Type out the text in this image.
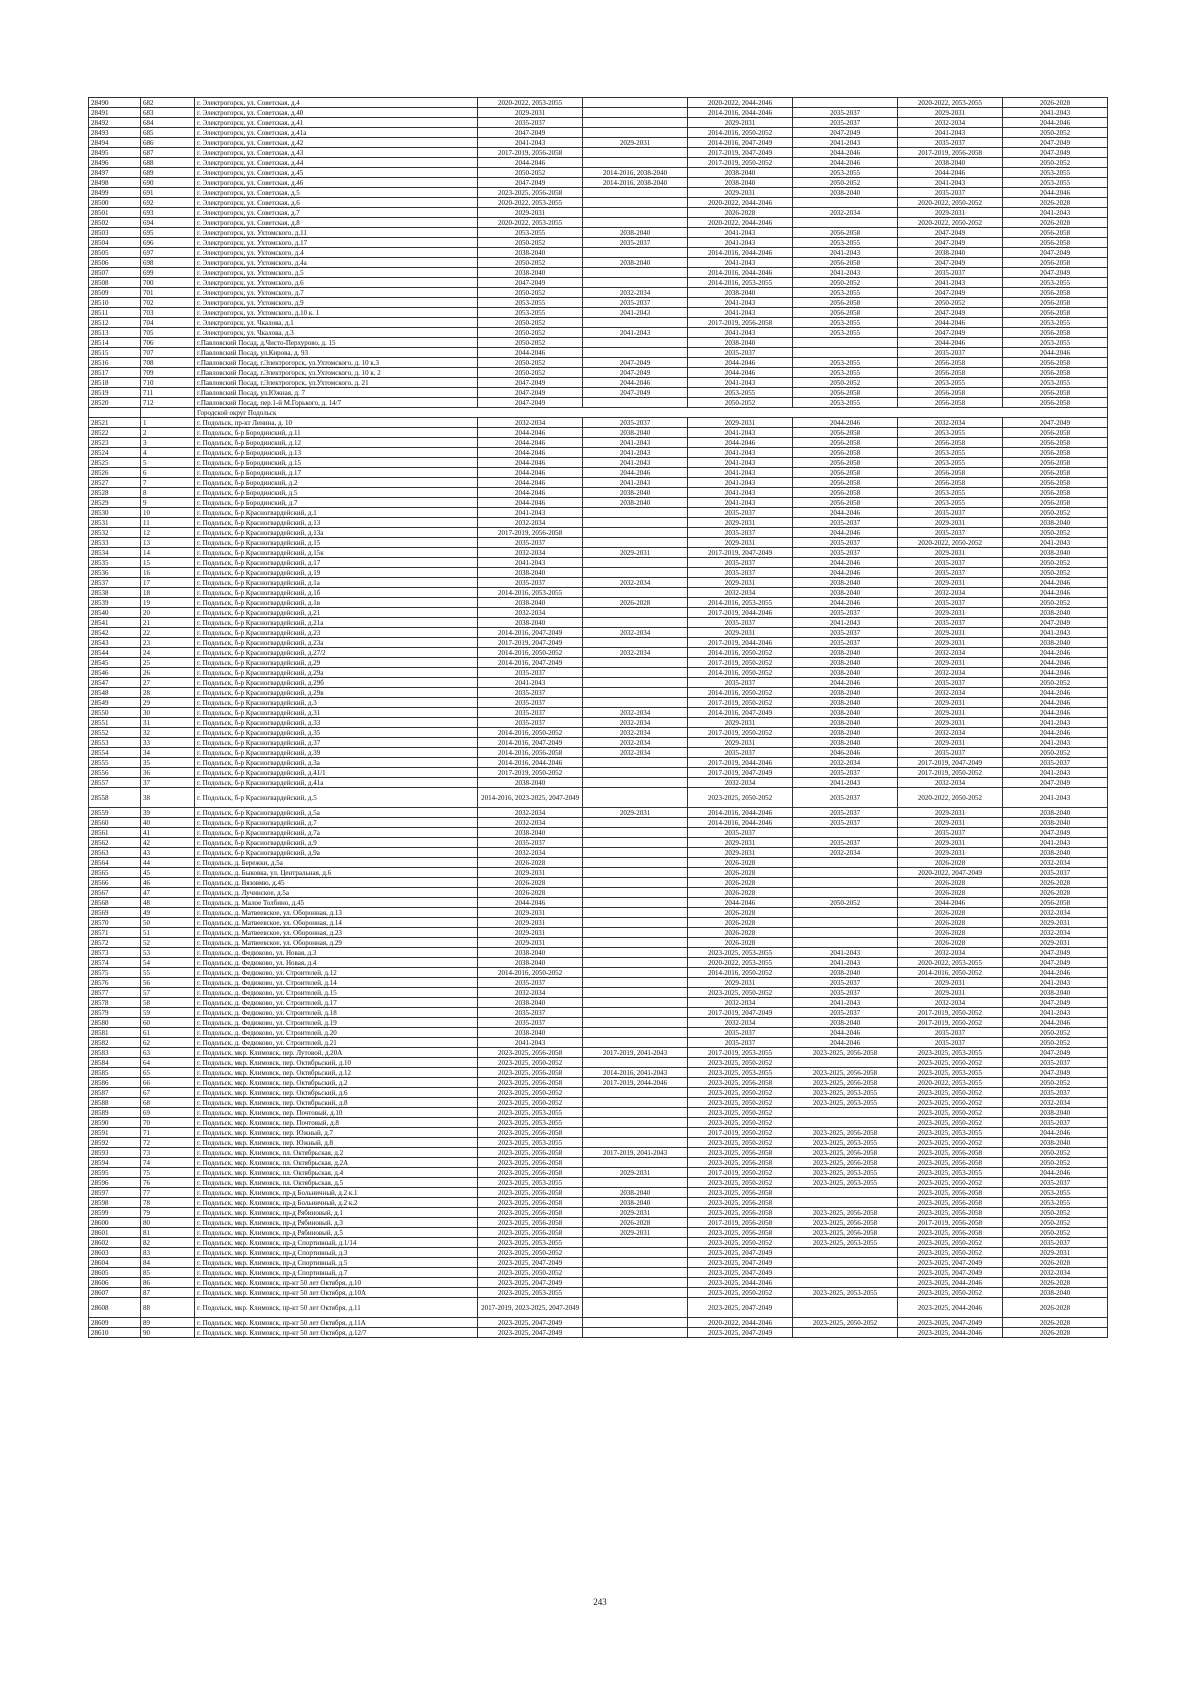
28490	682	г. Электрогорск, ул. Советская, д.4	2020-2022, 2053-2055		2020-2022, 2044-2046		2020-2022, 2053-2055	2026-2028
28491	683	г. Электрогорск, ул. Советская, д.40	2029-2031		2014-2016, 2044-2046	2035-2037	2029-2031	2041-2043
28492	684	г. Электрогорск, ул. Советская, д.41	2035-2037		2029-2031	2035-2037	2032-2034	2044-2046
28493	685	г. Электрогорск, ул. Советская, д.41а	2047-2049		2014-2016, 2050-2052	2047-2049	2041-2043	2050-2052
28494	686	г. Электрогорск, ул. Советская, д.42	2041-2043	2029-2031	2014-2016, 2047-2049	2041-2043	2035-2037	2047-2049
28495	687	г. Электрогорск, ул. Советская, д.43	2017-2019, 2056-2058		2017-2019, 2047-2049	2044-2046	2017-2019, 2056-2058	2047-2049
28496	688	г. Электрогорск, ул. Советская, д.44	2044-2046		2017-2019, 2050-2052	2044-2046	2038-2040	2050-2052
28497	689	г. Электрогорск, ул. Советская, д.45	2050-2052	2014-2016, 2038-2040	2038-2040	2053-2055	2044-2046	2053-2055
28498	690	г. Электрогорск, ул. Советская, д.46	2047-2049	2014-2016, 2038-2040	2038-2040	2050-2052	2041-2043	2053-2055
28499	691	г. Электрогорск, ул. Советская, д.5	2023-2025, 2056-2058		2029-2031	2038-2040	2035-2037	2044-2046
28500	692	г. Электрогорск, ул. Советская, д.6	2020-2022, 2053-2055		2020-2022, 2044-2046		2020-2022, 2050-2052	2026-2028
28501	693	г. Электрогорск, ул. Советская, д.7	2029-2031		2026-2028	2032-2034	2029-2031	2041-2043
28502	694	г. Электрогорск, ул. Советская, д.8	2020-2022, 2053-2055		2020-2022, 2044-2046		2020-2022, 2050-2052	2026-2028
28503	695	г. Электрогорск, ул. Ухтомского, д.11	2053-2055	2038-2040	2041-2043	2056-2058	2047-2049	2056-2058
28504	696	г. Электрогорск, ул. Ухтомского, д.17	2050-2052	2035-2037	2041-2043	2053-2055	2047-2049	2056-2058
28505	697	г. Электрогорск, ул. Ухтомского, д.4	2038-2040		2014-2016, 2044-2046	2041-2043	2038-2040	2047-2049
28506	698	г. Электрогорск, ул. Ухтомского, д.4а	2050-2052	2038-2040	2041-2043	2056-2058	2047-2049	2056-2058
28507	699	г. Электрогорск, ул. Ухтомского, д.5	2038-2040		2014-2016, 2044-2046	2041-2043	2035-2037	2047-2049
28508	700	г. Электрогорск, ул. Ухтомского, д.6	2047-2049		2014-2016, 2053-2055	2050-2052	2041-2043	2053-2055
28509	701	г. Электрогорск, ул. Ухтомского, д.7	2050-2052	2032-2034	2038-2040	2053-2055	2047-2049	2056-2058
28510	702	г. Электрогорск, ул. Ухтомского, д.9	2053-2055	2035-2037	2041-2043	2056-2058	2050-2052	2056-2058
28511	703	г. Электрогорск, ул. Ухтомского, д.10 к. 1	2053-2055	2041-2043	2041-2043	2056-2058	2047-2049	2056-2058
28512	704	г. Электрогорск, ул. Чкалова, д.1	2050-2052		2017-2019, 2056-2058	2053-2055	2044-2046	2053-2055
28513	705	г. Электрогорск, ул. Чкалова, д.3	2050-2052	2041-2043	2041-2043	2053-2055	2047-2049	2056-2058
28514	706	г.Павловский Посад, д.Чисто-Перхурово, д. 15	2050-2052		2038-2040		2044-2046	2053-2055
28515	707	г.Павловский Посад, ул.Кирова, д. 93	2044-2046		2035-2037		2035-2037	2044-2046
28516	708	г.Павловский Посад, г.Электрогорск, ул.Ухтомского, д. 10 к.3	2050-2052	2047-2049	2044-2046	2053-2055	2056-2058	2056-2058
28517	709	г.Павловский Посад, г.Электрогорск, ул.Ухтомского, д. 10 к. 2	2050-2052	2047-2049	2044-2046	2053-2055	2056-2058	2056-2058
28518	710	г.Павловский Посад, г.Электрогорск, ул.Ухтомского, д. 21	2047-2049	2044-2046	2041-2043	2050-2052	2053-2055	2053-2055
28519	711	г.Павловский Посад, ул.Южная, д. 7	2047-2049	2047-2049	2053-2055	2056-2058	2056-2058	2056-2058
28520	712	г.Павловский Посад, пер.1-й М.Горького, д. 14/7	2047-2049		2050-2052	2053-2055	2056-2058	2056-2058
		Городской округ Подольск						
28521	1	г. Подольск, пр-кт Ленина, д. 10	2032-2034	2035-2037	2029-2031	2044-2046	2032-2034	2047-2049
28522	2	г. Подольск, б-р Бородинский, д.11	2044-2046	2038-2040	2041-2043	2056-2058	2053-2055	2056-2058
28523	3	г. Подольск, б-р Бородинский, д.12	2044-2046	2041-2043	2044-2046	2056-2058	2056-2058	2056-2058
28524	4	г. Подольск, б-р Бородинский, д.13	2044-2046	2041-2043	2041-2043	2056-2058	2053-2055	2056-2058
28525	5	г. Подольск, б-р Бородинский, д.15	2044-2046	2041-2043	2041-2043	2056-2058	2053-2055	2056-2058
28526	6	г. Подольск, б-р Бородинский, д.17	2044-2046	2044-2046	2041-2043	2056-2058	2056-2058	2056-2058
28527	7	г. Подольск, б-р Бородинский, д.2	2044-2046	2041-2043	2041-2043	2056-2058	2056-2058	2056-2058
28528	8	г. Подольск, б-р Бородинский, д.5	2044-2046	2038-2040	2041-2043	2056-2058	2053-2055	2056-2058
28529	9	г. Подольск, б-р Бородинский, д.7	2044-2046	2038-2040	2041-2043	2056-2058	2053-2055	2056-2058
28530	10	г. Подольск, б-р Красногвардейский, д.1	2041-2043		2035-2037	2044-2046	2035-2037	2050-2052
28531	11	г. Подольск, б-р Красногвардейский, д.13	2032-2034		2029-2031	2035-2037	2029-2031	2038-2040
28532	12	г. Подольск, б-р Красногвардейский, д.13а	2017-2019, 2056-2058		2035-2037	2044-2046	2035-2037	2050-2052
28533	13	г. Подольск, б-р Красногвардейский, д.15	2035-2037		2029-2031	2035-2037	2020-2022, 2050-2052	2041-2043
28534	14	г. Подольск, б-р Красногвардейский, д.15к	2032-2034	2029-2031	2017-2019, 2047-2049	2035-2037	2029-2031	2038-2040
28535	15	г. Подольск, б-р Красногвардейский, д.17	2041-2043		2035-2037	2044-2046	2035-2037	2050-2052
28536	16	г. Подольск, б-р Красногвардейский, д.19	2038-2040		2035-2037	2044-2046	2035-2037	2050-2052
28537	17	г. Подольск, б-р Красногвардейский, д.1а	2035-2037	2032-2034	2029-2031	2038-2040	2029-2031	2044-2046
28538	18	г. Подольск, б-р Красногвардейский, д.1б	2014-2016, 2053-2055		2032-2034	2038-2040	2032-2034	2044-2046
28539	19	г. Подольск, б-р Красногвардейский, д.1в	2038-2040	2026-2028	2014-2016, 2053-2055	2044-2046	2035-2037	2050-2052
28540	20	г. Подольск, б-р Красногвардейский, д.21	2032-2034		2017-2019, 2044-2046	2035-2037	2029-2031	2038-2040
28541	21	г. Подольск, б-р Красногвардейский, д.21а	2038-2040		2035-2037	2041-2043	2035-2037	2047-2049
28542	22	г. Подольск, б-р Красногвардейский, д.23	2014-2016, 2047-2049	2032-2034	2029-2031	2035-2037	2029-2031	2041-2043
28543	23	г. Подольск, б-р Красногвардейский, д.23а	2017-2019, 2047-2049		2017-2019, 2044-2046	2035-2037	2029-2031	2038-2040
28544	24	г. Подольск, б-р Красногвардейский, д.27/2	2014-2016, 2050-2052	2032-2034	2014-2016, 2050-2052	2038-2040	2032-2034	2044-2046
28545	25	г. Подольск, б-р Красногвардейский, д.29	2014-2016, 2047-2049		2017-2019, 2050-2052	2038-2040	2029-2031	2044-2046
28546	26	г. Подольск, б-р Красногвардейский, д.29а	2035-2037		2014-2016, 2050-2052	2038-2040	2032-2034	2044-2046
28547	27	г. Подольск, б-р Красногвардейский, д.29б	2041-2043		2035-2037	2044-2046	2035-2037	2050-2052
28548	28	г. Подольск, б-р Красногвардейский, д.29в	2035-2037		2014-2016, 2050-2052	2038-2040	2032-2034	2044-2046
28549	29	г. Подольск, б-р Красногвардейский, д.3	2035-2037		2017-2019, 2050-2052	2038-2040	2029-2031	2044-2046
28550	30	г. Подольск, б-р Красногвардейский, д.31	2035-2037	2032-2034	2014-2016, 2047-2049	2038-2040	2029-2031	2044-2046
28551	31	г. Подольск, б-р Красногвардейский, д.33	2035-2037	2032-2034	2029-2031	2038-2040	2029-2031	2041-2043
28552	32	г. Подольск, б-р Красногвардейский, д.35	2014-2016, 2050-2052	2032-2034	2017-2019, 2050-2052	2038-2040	2032-2034	2044-2046
28553	33	г. Подольск, б-р Красногвардейский, д.37	2014-2016, 2047-2049	2032-2034	2029-2031	2038-2040	2029-2031	2041-2043
28554	34	г. Подольск, б-р Красногвардейский, д.39	2014-2016, 2056-2058	2032-2034	2035-2037	2046-2046	2035-2037	2050-2052
28555	35	г. Подольск, б-р Красногвардейский, д.3а	2014-2016, 2044-2046		2017-2019, 2044-2046	2032-2034	2017-2019, 2047-2049	2035-2037
28556	36	г. Подольск, б-р Красногвардейский, д.41/1	2017-2019, 2050-2052		2017-2019, 2047-2049	2035-2037	2017-2019, 2050-2052	2041-2043
28557	37	г. Подольск, б-р Красногвардейский, д.41а	2038-2040		2032-2034	2041-2043	2032-2034	2047-2049
28558	38	г. Подольск, б-р Красногвардейский, д.5	2014-2016, 2023-2025, 2047-2049		2023-2025, 2050-2052	2035-2037	2020-2022, 2050-2052	2041-2043
28559	39	г. Подольск, б-р Красногвардейский, д.5а	2032-2034	2029-2031	2014-2016, 2044-2046	2035-2037	2029-2031	2038-2040
28560	40	г. Подольск, б-р Красногвардейский, д.7	2032-2034		2014-2016, 2044-2046	2035-2037	2029-2031	2038-2040
28561	41	г. Подольск, б-р Красногвардейский, д.7а	2038-2040		2035-2037		2035-2037	2047-2049
28562	42	г. Подольск, б-р Красногвардейский, д.9	2035-2037		2029-2031	2035-2037	2029-2031	2041-2043
28563	43	г. Подольск, б-р Красногвардейский, д.9а	2032-2034		2029-2031	2032-2034	2029-2031	2038-2040
28564	44	г. Подольск, д. Бережки, д.5а	2026-2028		2026-2028		2026-2028	2032-2034
28565	45	г. Подольск, д. Быковка, ул. Центральная, д.6	2029-2031		2026-2028		2020-2022, 2047-2049	2035-2037
28566	46	г. Подольск, д. Вязовмю, д.45	2026-2028		2026-2028		2026-2028	2026-2028
28567	47	г. Подольск, д. Лучинское, д.5а	2026-2028		2026-2028		2026-2028	2026-2028
28568	48	г. Подольск, д. Малое Толбино, д.45	2044-2046		2044-2046	2050-2052	2044-2046	2056-2058
28569	49	г. Подольск, д. Матвеевское, ул. Оборонная, д.13	2029-2031		2026-2028		2026-2028	2032-2034
28570	50	г. Подольск, д. Матвеевское, ул. Оборонная, д.14	2029-2031		2026-2028		2026-2028	2029-2031
28571	51	г. Подольск, д. Матвеевское, ул. Оборонная, д.23	2029-2031		2026-2028		2026-2028	2032-2034
28572	52	г. Подольск, д. Матвеевское, ул. Оборонная, д.29	2029-2031		2026-2028		2026-2028	2029-2031
28573	53	г. Подольск, д. Федюково, ул. Новая, д.3	2038-2040		2023-2025, 2053-2055	2041-2043	2032-2034	2047-2049
28574	54	г. Подольск, д. Федюково, ул. Новая, д.4	2038-2040		2020-2022, 2053-2055	2041-2043	2020-2022, 2053-2055	2047-2049
28575	55	г. Подольск, д. Федюково, ул. Строителей, д.12	2014-2016, 2050-2052		2014-2016, 2050-2052	2038-2040	2014-2016, 2050-2052	2044-2046
28576	56	г. Подольск, д. Федюково, ул. Строителей, д.14	2035-2037		2029-2031	2035-2037	2029-2031	2041-2043
28577	57	г. Подольск, д. Федюково, ул. Строителей, д.15	2032-2034		2023-2025, 2050-2052	2035-2037	2029-2031	2038-2040
28578	58	г. Подольск, д. Федюково, ул. Строителей, д.17	2038-2040		2032-2034	2041-2043	2032-2034	2047-2049
28579	59	г. Подольск, д. Федюково, ул. Строителей, д.18	2035-2037		2017-2019, 2047-2049	2035-2037	2017-2019, 2050-2052	2041-2043
28580	60	г. Подольск, д. Федюково, ул. Строителей, д.19	2035-2037		2032-2034	2038-2040	2017-2019, 2050-2052	2044-2046
28581	61	г. Подольск, д. Федюково, ул. Строителей, д.20	2038-2040		2035-2037	2044-2046	2035-2037	2050-2052
28582	62	г. Подольск, д. Федюково, ул. Строителей, д.21	2041-2043		2035-2037	2044-2046	2035-2037	2050-2052
28583	63	г. Подольск, мкр. Климовск, пер. Лутовой, д.20А	2023-2025, 2056-2058	2017-2019, 2041-2043	2017-2019, 2053-2055	2023-2025, 2056-2058	2023-2025, 2053-2055	2047-2049
28584	64	г. Подольск, мкр. Климовск, пер. Октябрьский, д.10	2023-2025, 2050-2052		2023-2025, 2050-2052		2023-2025, 2050-2052	2035-2037
28585	65	г. Подольск, мкр. Климовск, пер. Октябрьский, д.12	2023-2025, 2056-2058	2014-2016, 2041-2043	2023-2025, 2053-2055	2023-2025, 2056-2058	2023-2025, 2053-2055	2047-2049
28586	66	г. Подольск, мкр. Климовск, пер. Октябрьский, д.2	2023-2025, 2056-2058	2017-2019, 2044-2046	2023-2025, 2056-2058	2023-2025, 2056-2058	2020-2022, 2053-2055	2050-2052
28587	67	г. Подольск, мкр. Климовск, пер. Октябрьский, д.6	2023-2025, 2050-2052		2023-2025, 2050-2052	2023-2025, 2053-2055	2023-2025, 2050-2052	2035-2037
28588	68	г. Подольск, мкр. Климовск, пер. Октябрьский, д.8	2023-2025, 2050-2052		2023-2025, 2050-2052	2023-2025, 2053-2055	2023-2025, 2050-2052	2032-2034
28589	69	г. Подольск, мкр. Климовск, пер. Почтовый, д.10	2023-2025, 2053-2055		2023-2025, 2050-2052		2023-2025, 2050-2052	2038-2040
28590	70	г. Подольск, мкр. Климовск, пер. Почтовый, д.8	2023-2025, 2053-2055		2023-2025, 2050-2052		2023-2025, 2050-2052	2035-2037
28591	71	г. Подольск, мкр. Климовск, пер. Южный, д.7	2023-2025, 2056-2058		2017-2019, 2050-2052	2023-2025, 2056-2058	2023-2025, 2053-2055	2044-2046
28592	72	г. Подольск, мкр. Климовск, пер. Южный, д.8	2023-2025, 2053-2055		2023-2025, 2050-2052	2023-2025, 2053-2055	2023-2025, 2050-2052	2038-2040
28593	73	г. Подольск, мкр. Климовск, пл. Октябрьская, д.2	2023-2025, 2056-2058	2017-2019, 2041-2043	2023-2025, 2056-2058	2023-2025, 2056-2058	2023-2025, 2056-2058	2050-2052
28594	74	г. Подольск, мкр. Климовск, пл. Октябрьская, д.2А	2023-2025, 2056-2058		2023-2025, 2056-2058	2023-2025, 2056-2058	2023-2025, 2056-2058	2050-2052
28595	75	г. Подольск, мкр. Климовск, пл. Октябрьская, д.4	2023-2025, 2056-2058	2029-2031	2017-2019, 2050-2052	2023-2025, 2053-2055	2023-2025, 2053-2055	2044-2046
28596	76	г. Подольск, мкр. Климовск, пл. Октябрьская, д.5	2023-2025, 2053-2055		2023-2025, 2050-2052	2023-2025, 2053-2055	2023-2025, 2050-2052	2035-2037
28597	77	г. Подольск, мкр. Климовск, пр-д Больничный, д.2 к.1	2023-2025, 2056-2058	2038-2040	2023-2025, 2056-2058		2023-2025, 2056-2058	2053-2055
28598	78	г. Подольск, мкр. Климовск, пр-д Больничный, д.2 к.2	2023-2025, 2056-2058	2038-2040	2023-2025, 2056-2058		2023-2025, 2056-2058	2053-2055
28599	79	г. Подольск, мкр. Климовск, пр-д Рябиновый, д.1	2023-2025, 2056-2058	2029-2031	2023-2025, 2056-2058	2023-2025, 2056-2058	2023-2025, 2056-2058	2050-2052
28600	80	г. Подольск, мкр. Климовск, пр-д Рябиновый, д.3	2023-2025, 2056-2058	2026-2028	2017-2019, 2056-2058	2023-2025, 2056-2058	2017-2019, 2056-2058	2050-2052
28601	81	г. Подольск, мкр. Климовск, пр-д Рябиновый, д.5	2023-2025, 2056-2058	2029-2031	2023-2025, 2056-2058	2023-2025, 2056-2058	2023-2025, 2056-2058	2050-2052
28602	82	г. Подольск, мкр. Климовск, пр-д Спортивный, д.1/14	2023-2025, 2053-2055		2023-2025, 2050-2052	2023-2025, 2053-2055	2023-2025, 2050-2052	2035-2037
28603	83	г. Подольск, мкр. Климовск, пр-д Спортивный, д.3	2023-2025, 2050-2052		2023-2025, 2047-2049		2023-2025, 2050-2052	2029-2031
28604	84	г. Подольск, мкр. Климовск, пр-д Спортивный, д.5	2023-2025, 2047-2049		2023-2025, 2047-2049		2023-2025, 2047-2049	2026-2028
28605	85	г. Подольск, мкр. Климовск, пр-д Спортивный, д.7	2023-2025, 2050-2052		2023-2025, 2047-2049		2023-2025, 2047-2049	2032-2034
28606	86	г. Подольск, мкр. Климовск, пр-кт 50 лет Октября, д.10	2023-2025, 2047-2049		2023-2025, 2044-2046		2023-2025, 2044-2046	2026-2028
28607	87	г. Подольск, мкр. Климовск, пр-кт 50 лет Октября, д.10А	2023-2025, 2053-2055		2023-2025, 2050-2052	2023-2025, 2053-2055	2023-2025, 2050-2052	2038-2040
28608	88	г. Подольск, мкр. Климовск, пр-кт 50 лет Октября, д.11	2017-2019, 2023-2025, 2047-2049		2023-2025, 2047-2049		2023-2025, 2044-2046	2026-2028
28609	89	г. Подольск, мкр. Климовск, пр-кт 50 лет Октября, д.11А	2023-2025, 2047-2049		2020-2022, 2044-2046	2023-2025, 2050-2052	2023-2025, 2047-2049	2026-2028
28610	90	г. Подольск, мкр. Климовск, пр-кт 50 лет Октября, д.12/7	2023-2025, 2047-2049		2023-2025, 2047-2049		2023-2025, 2044-2046	2026-2028
243
